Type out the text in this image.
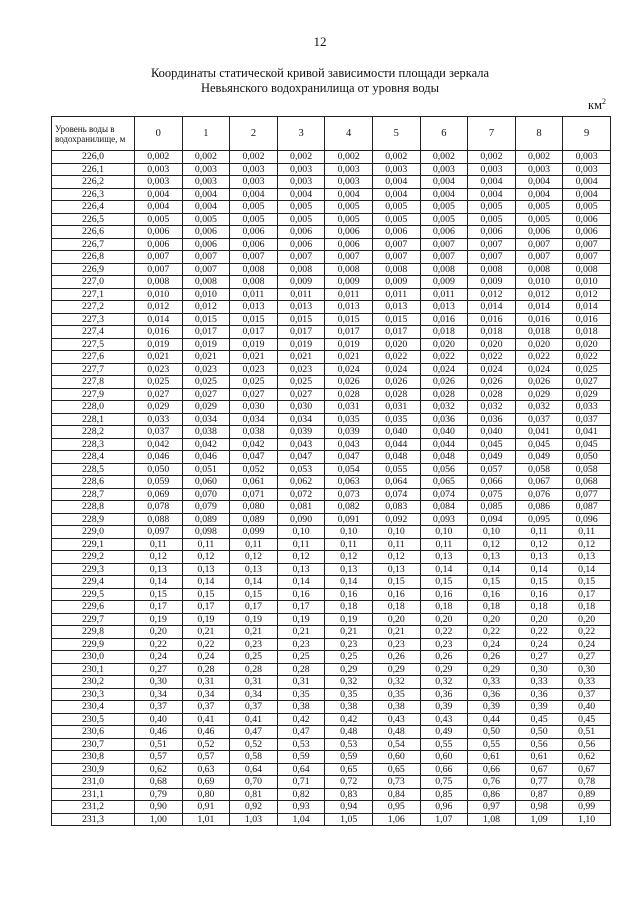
12
Координаты статической кривой зависимости площади зеркала
Невьянского водохранилища от уровня воды
$км^2$
Уровень воды в водохранилище, м	0	1	2	3	4	5	6	7	8	9
226,0	0,002	0,002	0,002	0,002	0,002	0,002	0,002	0,002	0,002	0,003
226,1	0,003	0,003	0,003	0,003	0,003	0,003	0,003	0,003	0,003	0,003
226,2	0,003	0,003	0,003	0,003	0,003	0,004	0,004	0,004	0,004	0,004
226,3	0,004	0,004	0,004	0,004	0,004	0,004	0,004	0,004	0,004	0,004
226,4	0,004	0,004	0,005	0,005	0,005	0,005	0,005	0,005	0,005	0,005
226,5	0,005	0,005	0,005	0,005	0,005	0,005	0,005	0,005	0,005	0,006
226,6	0,006	0,006	0,006	0,006	0,006	0,006	0,006	0,006	0,006	0,006
226,7	0,006	0,006	0,006	0,006	0,006	0,007	0,007	0,007	0,007	0,007
226,8	0,007	0,007	0,007	0,007	0,007	0,007	0,007	0,007	0,007	0,007
226,9	0,007	0,007	0,008	0,008	0,008	0,008	0,008	0,008	0,008	0,008
227,0	0,008	0,008	0,008	0,009	0,009	0,009	0,009	0,009	0,010	0,010
227,1	0,010	0,010	0,011	0,011	0,011	0,011	0,011	0,012	0,012	0,012
227,2	0,012	0,012	0,013	0,013	0,013	0,013	0,013	0,014	0,014	0,014
227,3	0,014	0,015	0,015	0,015	0,015	0,015	0,016	0,016	0,016	0,016
227,4	0,016	0,017	0,017	0,017	0,017	0,017	0,018	0,018	0,018	0,018
227,5	0,019	0,019	0,019	0,019	0,019	0,020	0,020	0,020	0,020	0,020
227,6	0,021	0,021	0,021	0,021	0,021	0,022	0,022	0,022	0,022	0,022
227,7	0,023	0,023	0,023	0,023	0,024	0,024	0,024	0,024	0,024	0,025
227,8	0,025	0,025	0,025	0,025	0,026	0,026	0,026	0,026	0,026	0,027
227,9	0,027	0,027	0,027	0,027	0,028	0,028	0,028	0,028	0,029	0,029
228,0	0,029	0,029	0,030	0,030	0,031	0,031	0,032	0,032	0,032	0,033
228,1	0,033	0,034	0,034	0,034	0,035	0,035	0,036	0,036	0,037	0,037
228,2	0,037	0,038	0,038	0,039	0,039	0,040	0,040	0,040	0,041	0,041
228,3	0,042	0,042	0,042	0,043	0,043	0,044	0,044	0,045	0,045	0,045
228,4	0,046	0,046	0,047	0,047	0,047	0,048	0,048	0,049	0,049	0,050
228,5	0,050	0,051	0,052	0,053	0,054	0,055	0,056	0,057	0,058	0,058
228,6	0,059	0,060	0,061	0,062	0,063	0,064	0,065	0,066	0,067	0,068
228,7	0,069	0,070	0,071	0,072	0,073	0,074	0,074	0,075	0,076	0,077
228,8	0,078	0,079	0,080	0,081	0,082	0,083	0,084	0,085	0,086	0,087
228,9	0,088	0,089	0,089	0,090	0,091	0,092	0,093	0,094	0,095	0,096
229,0	0,097	0,098	0,099	0,10	0,10	0,10	0,10	0,10	0,11	0,11
229,1	0,11	0,11	0,11	0,11	0,11	0,11	0,11	0,12	0,12	0,12
229,2	0,12	0,12	0,12	0,12	0,12	0,12	0,13	0,13	0,13	0,13
229,3	0,13	0,13	0,13	0,13	0,13	0,13	0,14	0,14	0,14	0,14
229,4	0,14	0,14	0,14	0,14	0,14	0,15	0,15	0,15	0,15	0,15
229,5	0,15	0,15	0,15	0,16	0,16	0,16	0,16	0,16	0,16	0,17
229,6	0,17	0,17	0,17	0,17	0,18	0,18	0,18	0,18	0,18	0,18
229,7	0,19	0,19	0,19	0,19	0,19	0,20	0,20	0,20	0,20	0,20
229,8	0,20	0,21	0,21	0,21	0,21	0,21	0,22	0,22	0,22	0,22
229,9	0,22	0,22	0,23	0,23	0,23	0,23	0,23	0,24	0,24	0,24
230,0	0,24	0,24	0,25	0,25	0,25	0,26	0,26	0,26	0,27	0,27
230,1	0,27	0,28	0,28	0,28	0,29	0,29	0,29	0,29	0,30	0,30
230,2	0,30	0,31	0,31	0,31	0,32	0,32	0,32	0,33	0,33	0,33
230,3	0,34	0,34	0,34	0,35	0,35	0,35	0,36	0,36	0,36	0,37
230,4	0,37	0,37	0,37	0,38	0,38	0,38	0,39	0,39	0,39	0,40
230,5	0,40	0,41	0,41	0,42	0,42	0,43	0,43	0,44	0,45	0,45
230,6	0,46	0,46	0,47	0,47	0,48	0,48	0,49	0,50	0,50	0,51
230,7	0,51	0,52	0,52	0,53	0,53	0,54	0,55	0,55	0,56	0,56
230,8	0,57	0,57	0,58	0,59	0,59	0,60	0,60	0,61	0,61	0,62
230,9	0,62	0,63	0,64	0,64	0,65	0,65	0,66	0,66	0,67	0,67
231,0	0,68	0,69	0,70	0,71	0,72	0,73	0,75	0,76	0,77	0,78
231,1	0,79	0,80	0,81	0,82	0,83	0,84	0,85	0,86	0,87	0,89
231,2	0,90	0,91	0,92	0,93	0,94	0,95	0,96	0,97	0,98	0,99
231,3	1,00	1,01	1,03	1,04	1,05	1,06	1,07	1,08	1,09	1,10
